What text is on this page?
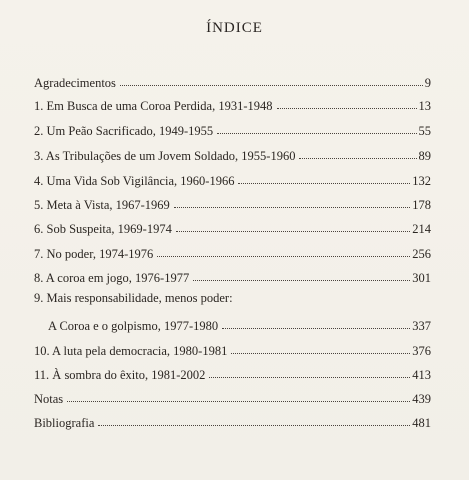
ÍNDICE
Agradecimentos	9
1. Em Busca de uma Coroa Perdida, 1931-1948	13
2. Um Peão Sacrificado, 1949-1955	55
3. As Tribulações de um Jovem Soldado, 1955-1960	89
4. Uma Vida Sob Vigilância, 1960-1966	132
5. Meta à Vista, 1967-1969	178
6. Sob Suspeita, 1969-1974	214
7. No poder, 1974-1976	256
8. A coroa em jogo, 1976-1977	301
9. Mais responsabilidade, menos poder:
A Coroa e o golpismo, 1977-1980	337
10. A luta pela democracia, 1980-1981	376
11. À sombra do êxito, 1981-2002	413
Notas	439
Bibliografia	481
